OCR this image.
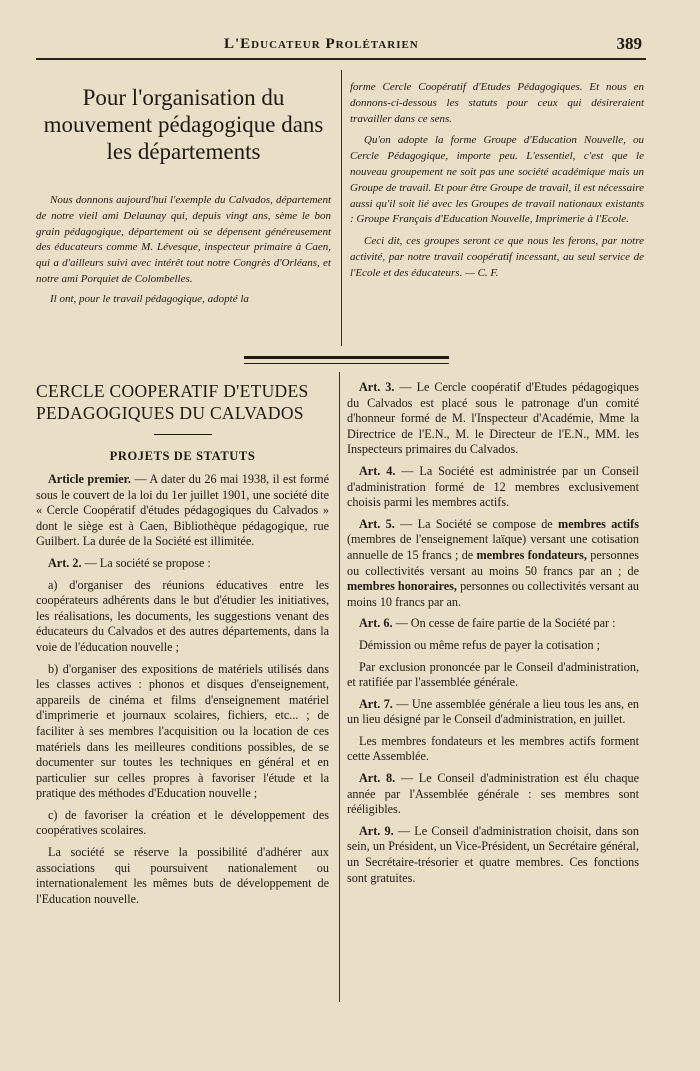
L'Educateur Prolétarien	389
Pour l'organisation du mouvement pédagogique dans les départements

Nous donnons aujourd'hui l'exemple du Calvados, département de notre vieil ami Delaunay qui, depuis vingt ans, sème le bon grain pédagogique, département où se dépensent généreusement des éducateurs comme M. Lévesque, inspecteur primaire à Caen, qui a d'ailleurs suivi avec intérêt tout notre Congrès d'Orléans, et notre ami Porquiet de Colombelles.

Il ont, pour le travail pédagogique, adopté la

forme Cercle Coopératif d'Etudes Pédagogiques. Et nous en donnons-ci-dessous les statuts pour ceux qui désireraient travailler dans ce sens.

Qu'on adopte la forme Groupe d'Education Nouvelle, ou Cercle Pédagogique, importe peu. L'essentiel, c'est que le nouveau groupement ne soit pas une société académique mais un Groupe de travail. Et pour être Groupe de travail, il est nécessaire aussi qu'il soit lié avec les Groupes de travail nationaux existants : Groupe Français d'Education Nouvelle, Imprimerie à l'Ecole.

Ceci dit, ces groupes seront ce que nous les ferons, par notre activité, par notre travail coopératif incessant, au seul service de l'Ecole et des éducateurs. — C. F.

CERCLE COOPERATIF D'ETUDES PEDAGOGIQUES DU CALVADOS
PROJETS DE STATUTS

Article premier. — A dater du 26 mai 1938, il est formé sous le couvert de la loi du 1er juillet 1901, une société dite « Cercle Coopératif d'études pédagogiques du Calvados » dont le siège est à Caen, Bibliothèque pédagogique, rue Guilbert. La durée de la Société est illimitée.

Art. 2. — La société se propose :

a) d'organiser des réunions éducatives entre les coopérateurs adhérents dans le but d'étudier les initiatives, les réalisations, les documents, les suggestions venant des éducateurs du Calvados et des autres départements, dans la voie de l'éducation nouvelle ;

b) d'organiser des expositions de matériels utilisés dans les classes actives : phonos et disques d'enseignement, appareils de cinéma et films d'enseignement matériel d'imprimerie et journaux scolaires, fichiers, etc... ; de faciliter à ses membres l'acquisition ou la location de ces matériels dans les meilleures conditions possibles, de se documenter sur toutes les techniques en général et en particulier sur celles propres à favoriser l'étude et la pratique des méthodes d'Education nouvelle ;

c) de favoriser la création et le développement des coopératives scolaires.

La société se réserve la possibilité d'adhérer aux associations qui poursuivent nationalement ou internationalement les mêmes buts de développement de l'Education nouvelle.

Art. 3. — Le Cercle coopératif d'Etudes pédagogiques du Calvados est placé sous le patronage d'un comité d'honneur formé de M. l'Inspecteur d'Académie, Mme la Directrice de l'E.N., M. le Directeur de l'E.N., MM. les Inspecteurs primaires du Calvados.

Art. 4. — La Société est administrée par un Conseil d'administration formé de 12 membres exclusivement choisis parmi les membres actifs.

Art. 5. — La Société se compose de membres actifs (membres de l'enseignement laïque) versant une cotisation annuelle de 15 francs ; de membres fondateurs, personnes ou collectivités versant au moins 50 francs par an ; de membres honoraires, personnes ou collectivités versant au moins 10 francs par an.

Art. 6. — On cesse de faire partie de la Société par :

Démission ou même refus de payer la cotisation ;

Par exclusion prononcée par le Conseil d'administration, et ratifiée par l'assemblée générale.

Art. 7. — Une assemblée générale a lieu tous les ans, en un lieu désigné par le Conseil d'administration, en juillet.

Les membres fondateurs et les membres actifs forment cette Assemblée.

Art. 8. — Le Conseil d'administration est élu chaque année par l'Assemblée générale : ses membres sont rééligibles.

Art. 9. — Le Conseil d'administration choisit, dans son sein, un Président, un Vice-Président, un Secrétaire général, un Secrétaire-trésorier et quatre membres. Ces fonctions sont gratuites.
